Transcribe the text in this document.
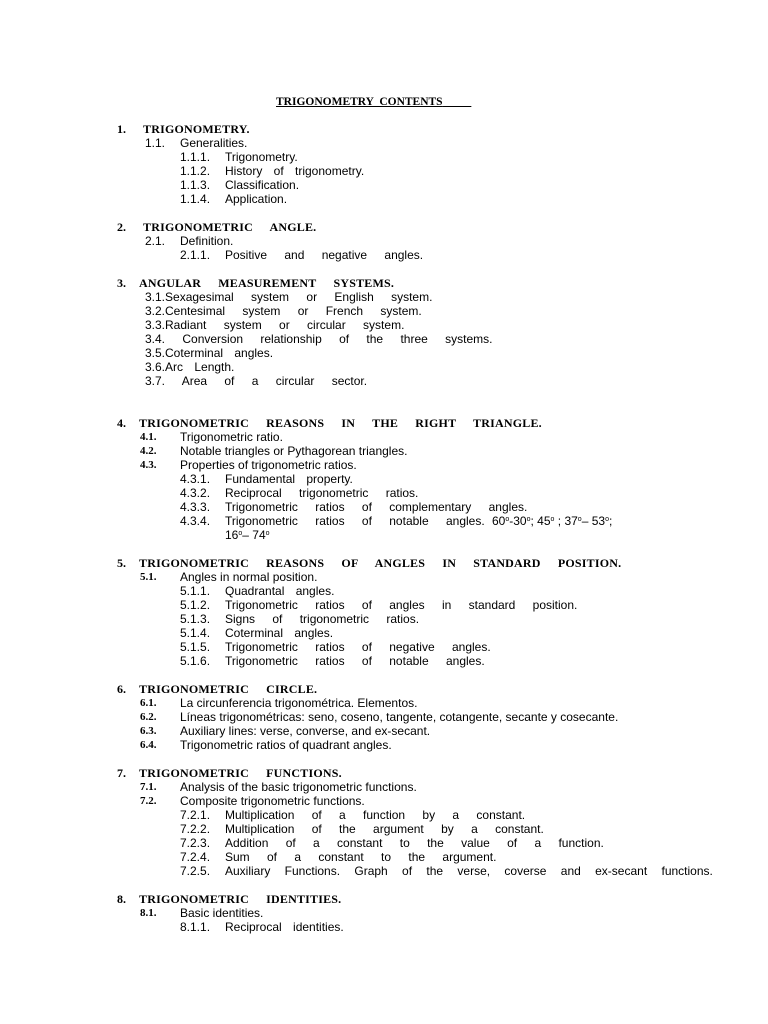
TRIGONOMETRY  CONTENTS
1. TRIGONOMETRY.
1.1. Generalities.
1.1.1. Trigonometry.
1.1.2. History of trigonometry.
1.1.3. Classification.
1.1.4. Application.
2. TRIGONOMETRIC ANGLE.
2.1. Definition.
2.1.1. Positive and negative angles.
3. ANGULAR MEASUREMENT SYSTEMS.
3.1.Sexagesimal system or English system.
3.2.Centesimal system or French system.
3.3.Radiant system or circular system.
3.4. Conversion relationship of the three systems.
3.5.Coterminal angles.
3.6.Arc Length.
3.7. Area of a circular sector.
4. TRIGONOMETRIC REASONS IN THE RIGHT TRIANGLE.
4.1. Trigonometric ratio.
4.2. Notable triangles or Pythagorean triangles.
4.3. Properties of trigonometric ratios.
4.3.1. Fundamental property.
4.3.2. Reciprocal trigonometric ratios.
4.3.3. Trigonometric ratios of complementary angles.
4.3.4. Trigonometric ratios of notable angles. 60$^o$-30$^o$; 45$^o$ ; 37$^o$– 53$^o$;
16$^o$– 74$^o$
5. TRIGONOMETRIC REASONS OF ANGLES IN STANDARD POSITION.
5.1. Angles in normal position.
5.1.1. Quadrantal angles.
5.1.2. Trigonometric ratios of angles in standard position.
5.1.3. Signs of trigonometric ratios.
5.1.4. Coterminal angles.
5.1.5. Trigonometric ratios of negative angles.
5.1.6. Trigonometric ratios of notable angles.
6. TRIGONOMETRIC CIRCLE.
6.1. La circunferencia trigonométrica. Elementos.
6.2. Líneas trigonométricas: seno, coseno, tangente, cotangente, secante y cosecante.
6.3. Auxiliary lines: verse, converse, and ex-secant.
6.4. Trigonometric ratios of quadrant angles.
7. TRIGONOMETRIC FUNCTIONS.
7.1. Analysis of the basic trigonometric functions.
7.2. Composite trigonometric functions.
7.2.1. Multiplication of a function by a constant.
7.2.2. Multiplication of the argument by a constant.
7.2.3. Addition of a constant to the value of a function.
7.2.4. Sum of a constant to the argument.
7.2.5. Auxiliary Functions. Graph of the verse, coverse and ex-secant functions.
8. TRIGONOMETRIC IDENTITIES.
8.1. Basic identities.
8.1.1. Reciprocal identities.
